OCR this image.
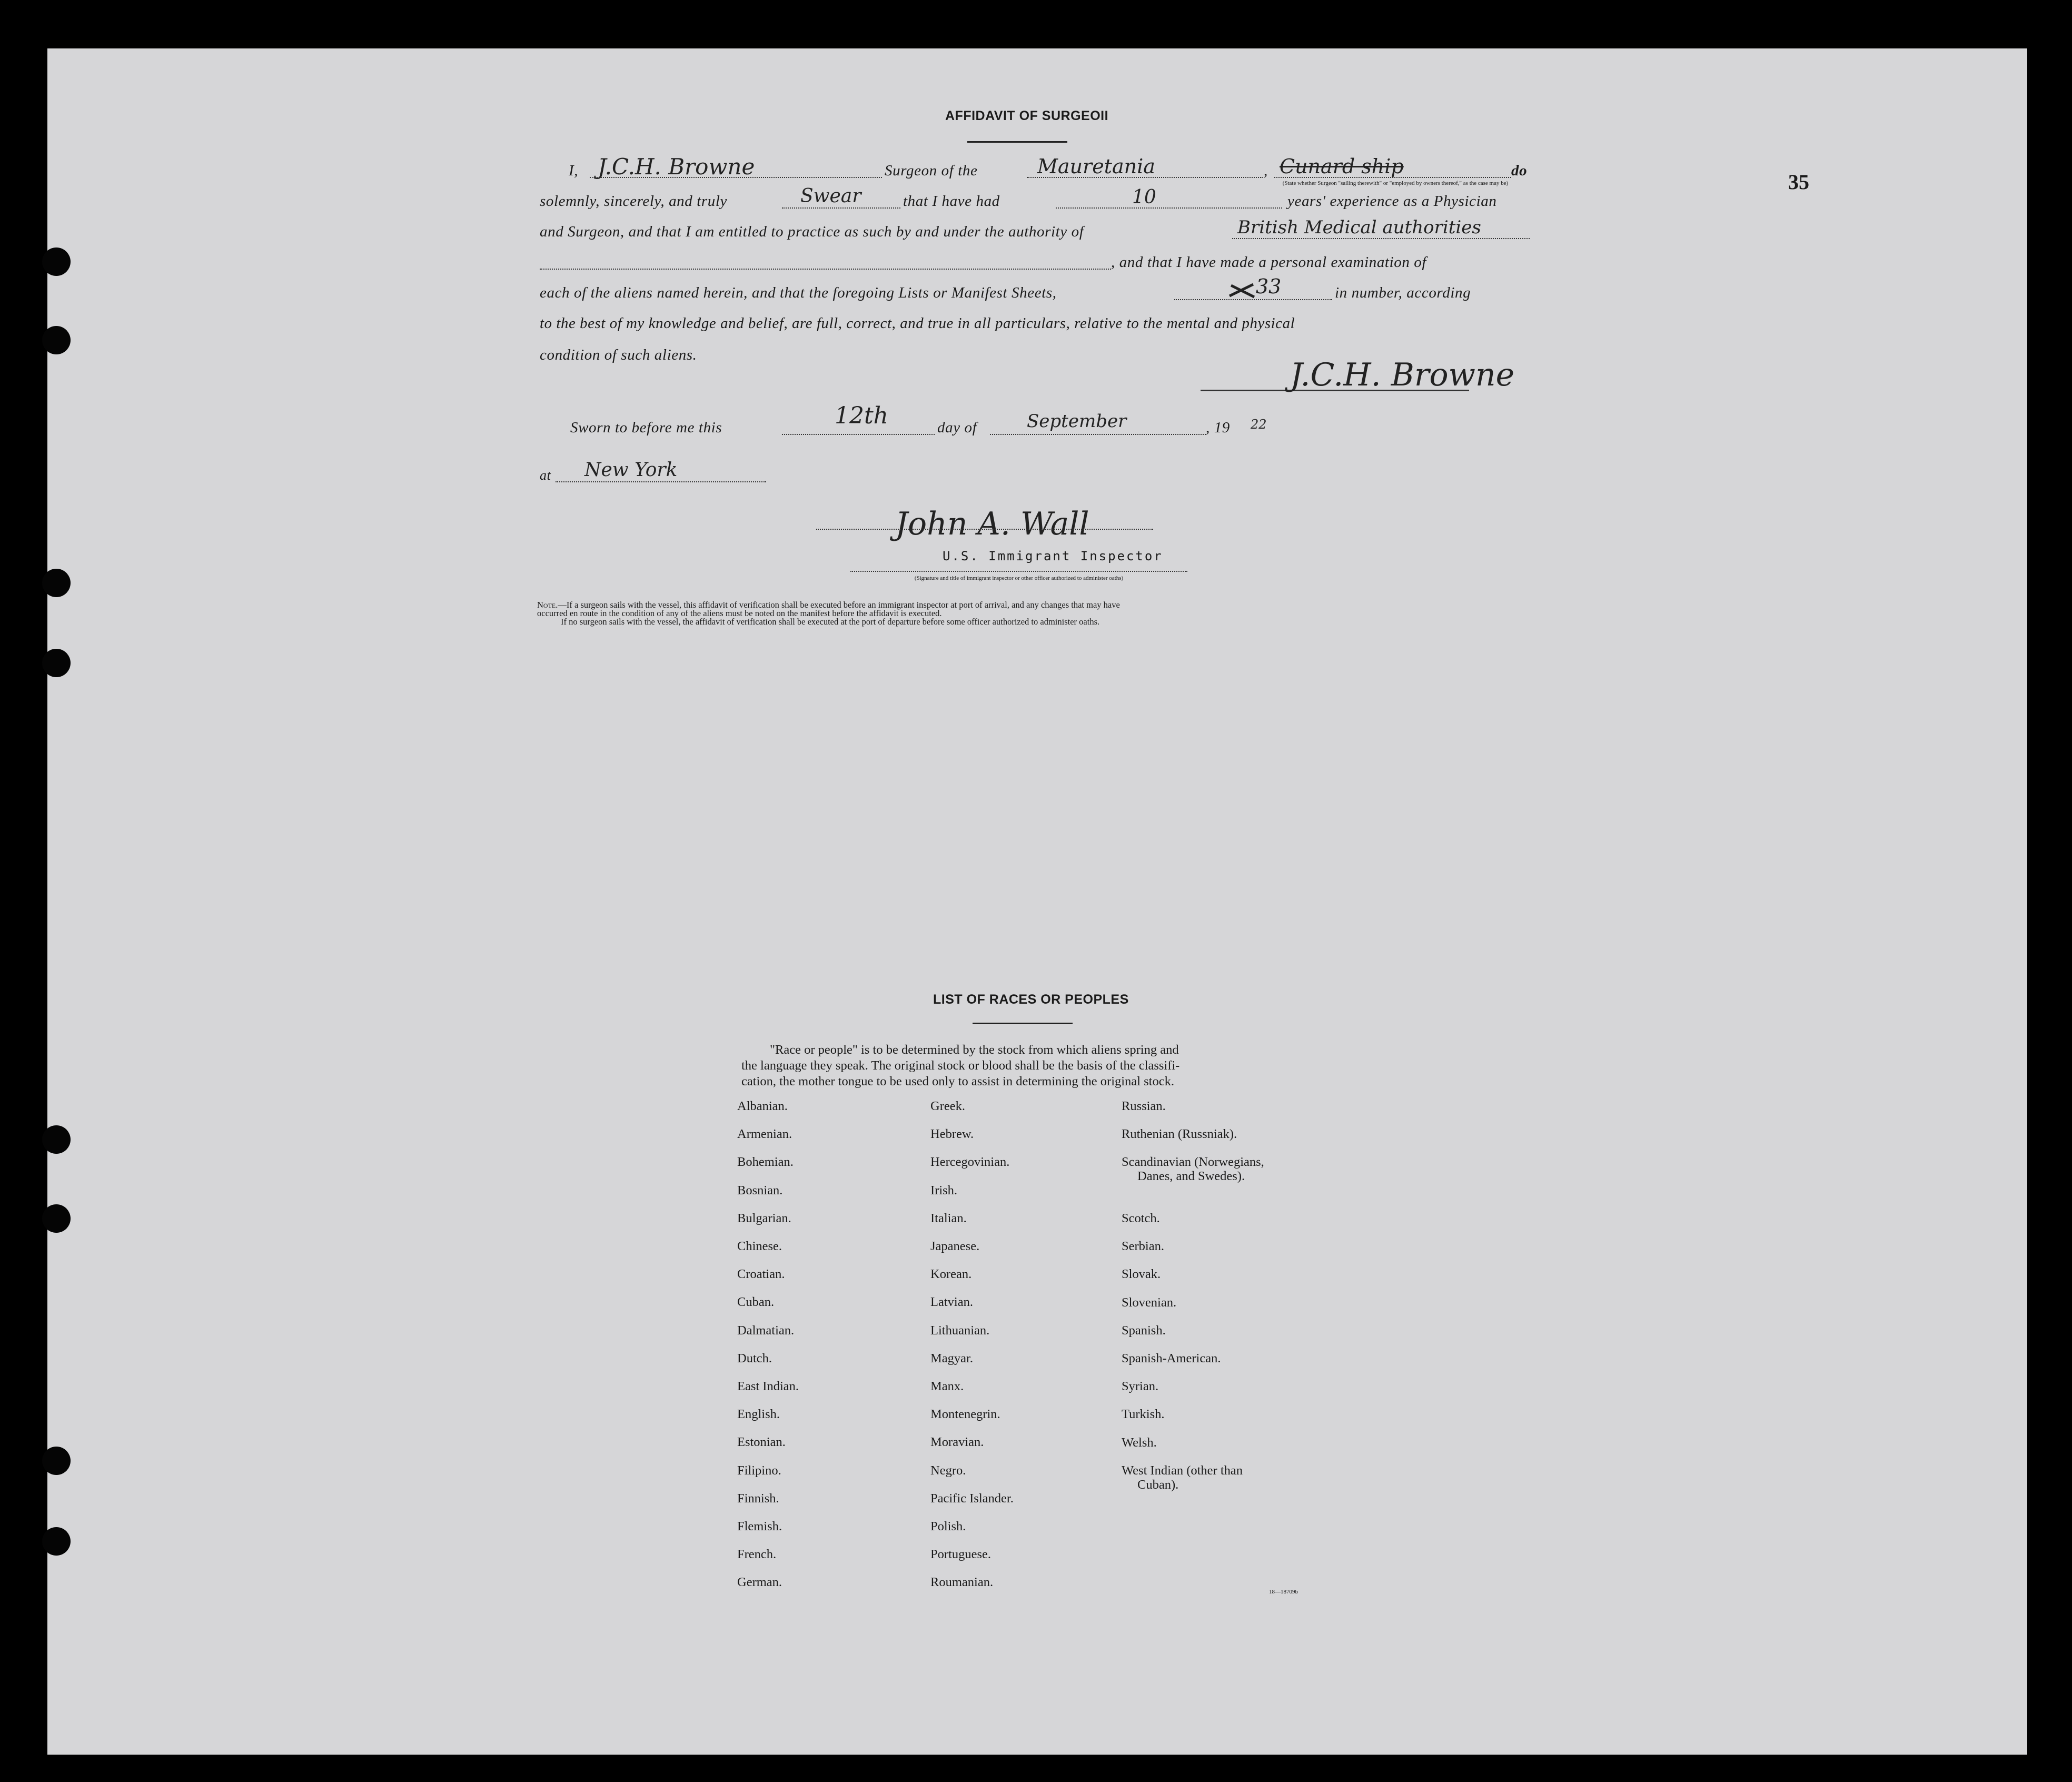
35
AFFIDAVIT OF SURGEOΙΙ
I, J.C.H. Browne	Surgeon of the	Mauretania	, Cunard ship	do
(State whether Surgeon "sailing therewith" or "employed by owners thereof," as the case may be)
solemnly, sincerely, and truly	Swear	that I have had	10	years' experience as a Physician
and Surgeon, and that I am entitled to practice as such by and under the authority of	British Medical authorities
, and that I have made a personal examination of
each of the aliens named herein, and that the foregoing Lists or Manifest Sheets,	33	in number, according
to the best of my knowledge and belief, are full, correct, and true in all particulars, relative to the mental and physical
condition of such aliens.
J.C.H. Browne
Sworn to before me this	12th	day of	September	, 19 22
at New York
John A. Wall
U.S. Immigrant Inspector
(Signature and title of immigrant inspector or other officer authorized to administer oaths)
Note.—If a surgeon sails with the vessel, this affidavit of verification shall be executed before an immigrant inspector at port of arrival, and any changes that may have
occurred en route in the condition of any of the aliens must be noted on the manifest before the affidavit is executed.
If no surgeon sails with the vessel, the affidavit of verification shall be executed at the port of departure before some officer authorized to administer oaths.
LIST OF RACES OR PEOPLES
"Race or people" is to be determined by the stock from which aliens spring and
the language they speak. The original stock or blood shall be the basis of the classifi-
cation, the mother tongue to be used only to assist in determining the original stock.
Albanian.
Armenian.
Bohemian.
Bosnian.
Bulgarian.
Chinese.
Croatian.
Cuban.
Dalmatian.
Dutch.
East Indian.
English.
Estonian.
Filipino.
Finnish.
Flemish.
French.
German.
Greek.
Hebrew.
Hercegovinian.
Irish.
Italian.
Japanese.
Korean.
Latvian.
Lithuanian.
Magyar.
Manx.
Montenegrin.
Moravian.
Negro.
Pacific Islander.
Polish.
Portuguese.
Roumanian.
Russian.
Ruthenian (Russniak).
Scandinavian (Norwegians,
Danes, and Swedes).
Scotch.
Serbian.
Slovak.
Slovenian.
Spanish.
Spanish-American.
Syrian.
Turkish.
Welsh.
West Indian (other than
Cuban).
18—18709b
